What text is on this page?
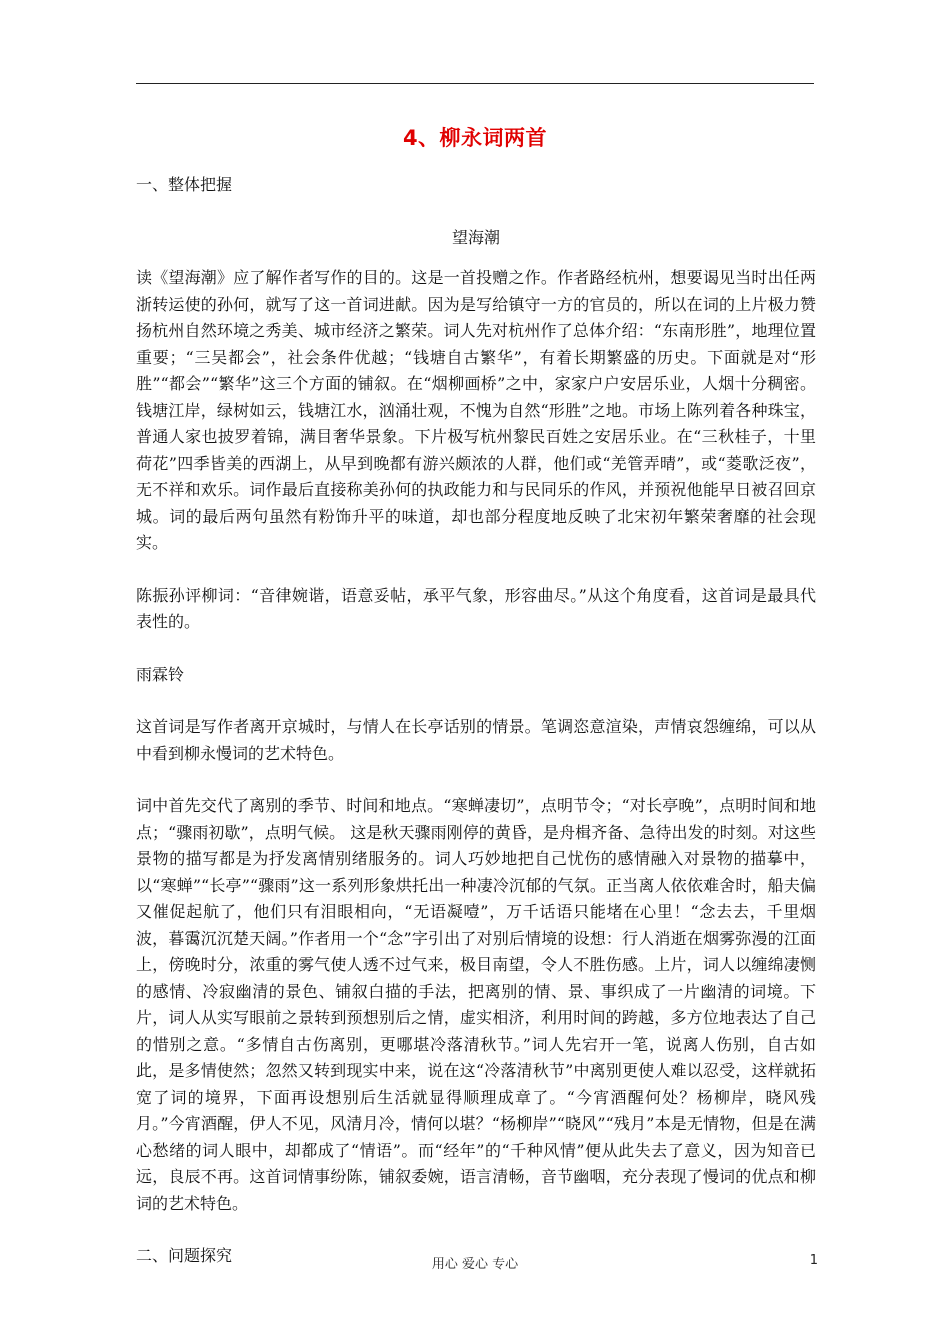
4、柳永词两首
一、整体把握

望海潮

读《望海潮》应了解作者写作的目的。这是一首投赠之作。作者路经杭州，想要谒见当时出任两浙转运使的孙何，就写了这一首词进献。因为是写给镇守一方的官员的，所以在词的上片极力赞扬杭州自然环境之秀美、城市经济之繁荣。词人先对杭州作了总体介绍：“东南形胜”，地理位置重要；“三吴都会”，社会条件优越；“钱塘自古繁华”，有着长期繁盛的历史。下面就是对“形胜”“都会”“繁华”这三个方面的铺叙。在“烟柳画桥”之中，家家户户安居乐业，人烟十分稠密。钱塘江岸，绿树如云，钱塘江水，汹涌壮观，不愧为自然“形胜”之地。市场上陈列着各种珠宝，普通人家也披罗着锦，满目奢华景象。下片极写杭州黎民百姓之安居乐业。在“三秋桂子，十里荷花”四季皆美的西湖上，从早到晚都有游兴颇浓的人群，他们或“羌管弄晴”，或“菱歌泛夜”，无不祥和欢乐。词作最后直接称美孙何的执政能力和与民同乐的作风，并预祝他能早日被召回京城。词的最后两句虽然有粉饰升平的味道，却也部分程度地反映了北宋初年繁荣奢靡的社会现实。

陈振孙评柳词：“音律婉谐，语意妥帖，承平气象，形容曲尽。”从这个角度看，这首词是最具代表性的。

雨霖铃

这首词是写作者离开京城时，与情人在长亭话别的情景。笔调恣意渲染，声情哀怨缠绵，可以从中看到柳永慢词的艺术特色。

词中首先交代了离别的季节、时间和地点。“寒蝉凄切”，点明节令；“对长亭晚”，点明时间和地点；“骤雨初歇”，点明气候。 这是秋天骤雨刚停的黄昏，是舟楫齐备、急待出发的时刻。对这些景物的描写都是为抒发离情别绪服务的。词人巧妙地把自己忧伤的感情融入对景物的描摹中，以“寒蝉”“长亭”“骤雨”这一系列形象烘托出一种凄冷沉郁的气氛。正当离人依依难舍时，船夫偏又催促起航了，他们只有泪眼相向，“无语凝噎”，万千话语只能堵在心里！“念去去，千里烟波，暮霭沉沉楚天阔。”作者用一个“念”字引出了对别后情境的设想：行人消逝在烟雾弥漫的江面上，傍晚时分，浓重的雾气使人透不过气来，极目南望，令人不胜伤感。上片，词人以缠绵凄恻的感情、冷寂幽清的景色、铺叙白描的手法，把离别的情、景、事织成了一片幽清的词境。下片，词人从实写眼前之景转到预想别后之情，虚实相济，利用时间的跨越，多方位地表达了自己的惜别之意。“多情自古伤离别，更哪堪冷落清秋节。”词人先宕开一笔，说离人伤别，自古如此，是多情使然；忽然又转到现实中来，说在这“冷落清秋节”中离别更使人难以忍受，这样就拓宽了词的境界，下面再设想别后生活就显得顺理成章了。“今宵酒醒何处？杨柳岸，晓风残月。”今宵酒醒，伊人不见，风清月冷，情何以堪？“杨柳岸”“晓风”“残月”本是无情物，但是在满心愁绪的词人眼中，却都成了“情语”。而“经年”的“千种风情”便从此失去了意义，因为知音已远，良辰不再。这首词情事纷陈，铺叙委婉，语言清畅，音节幽咽，充分表现了慢词的优点和柳词的艺术特色。

二、问题探究	用心 爱心 专心	1
